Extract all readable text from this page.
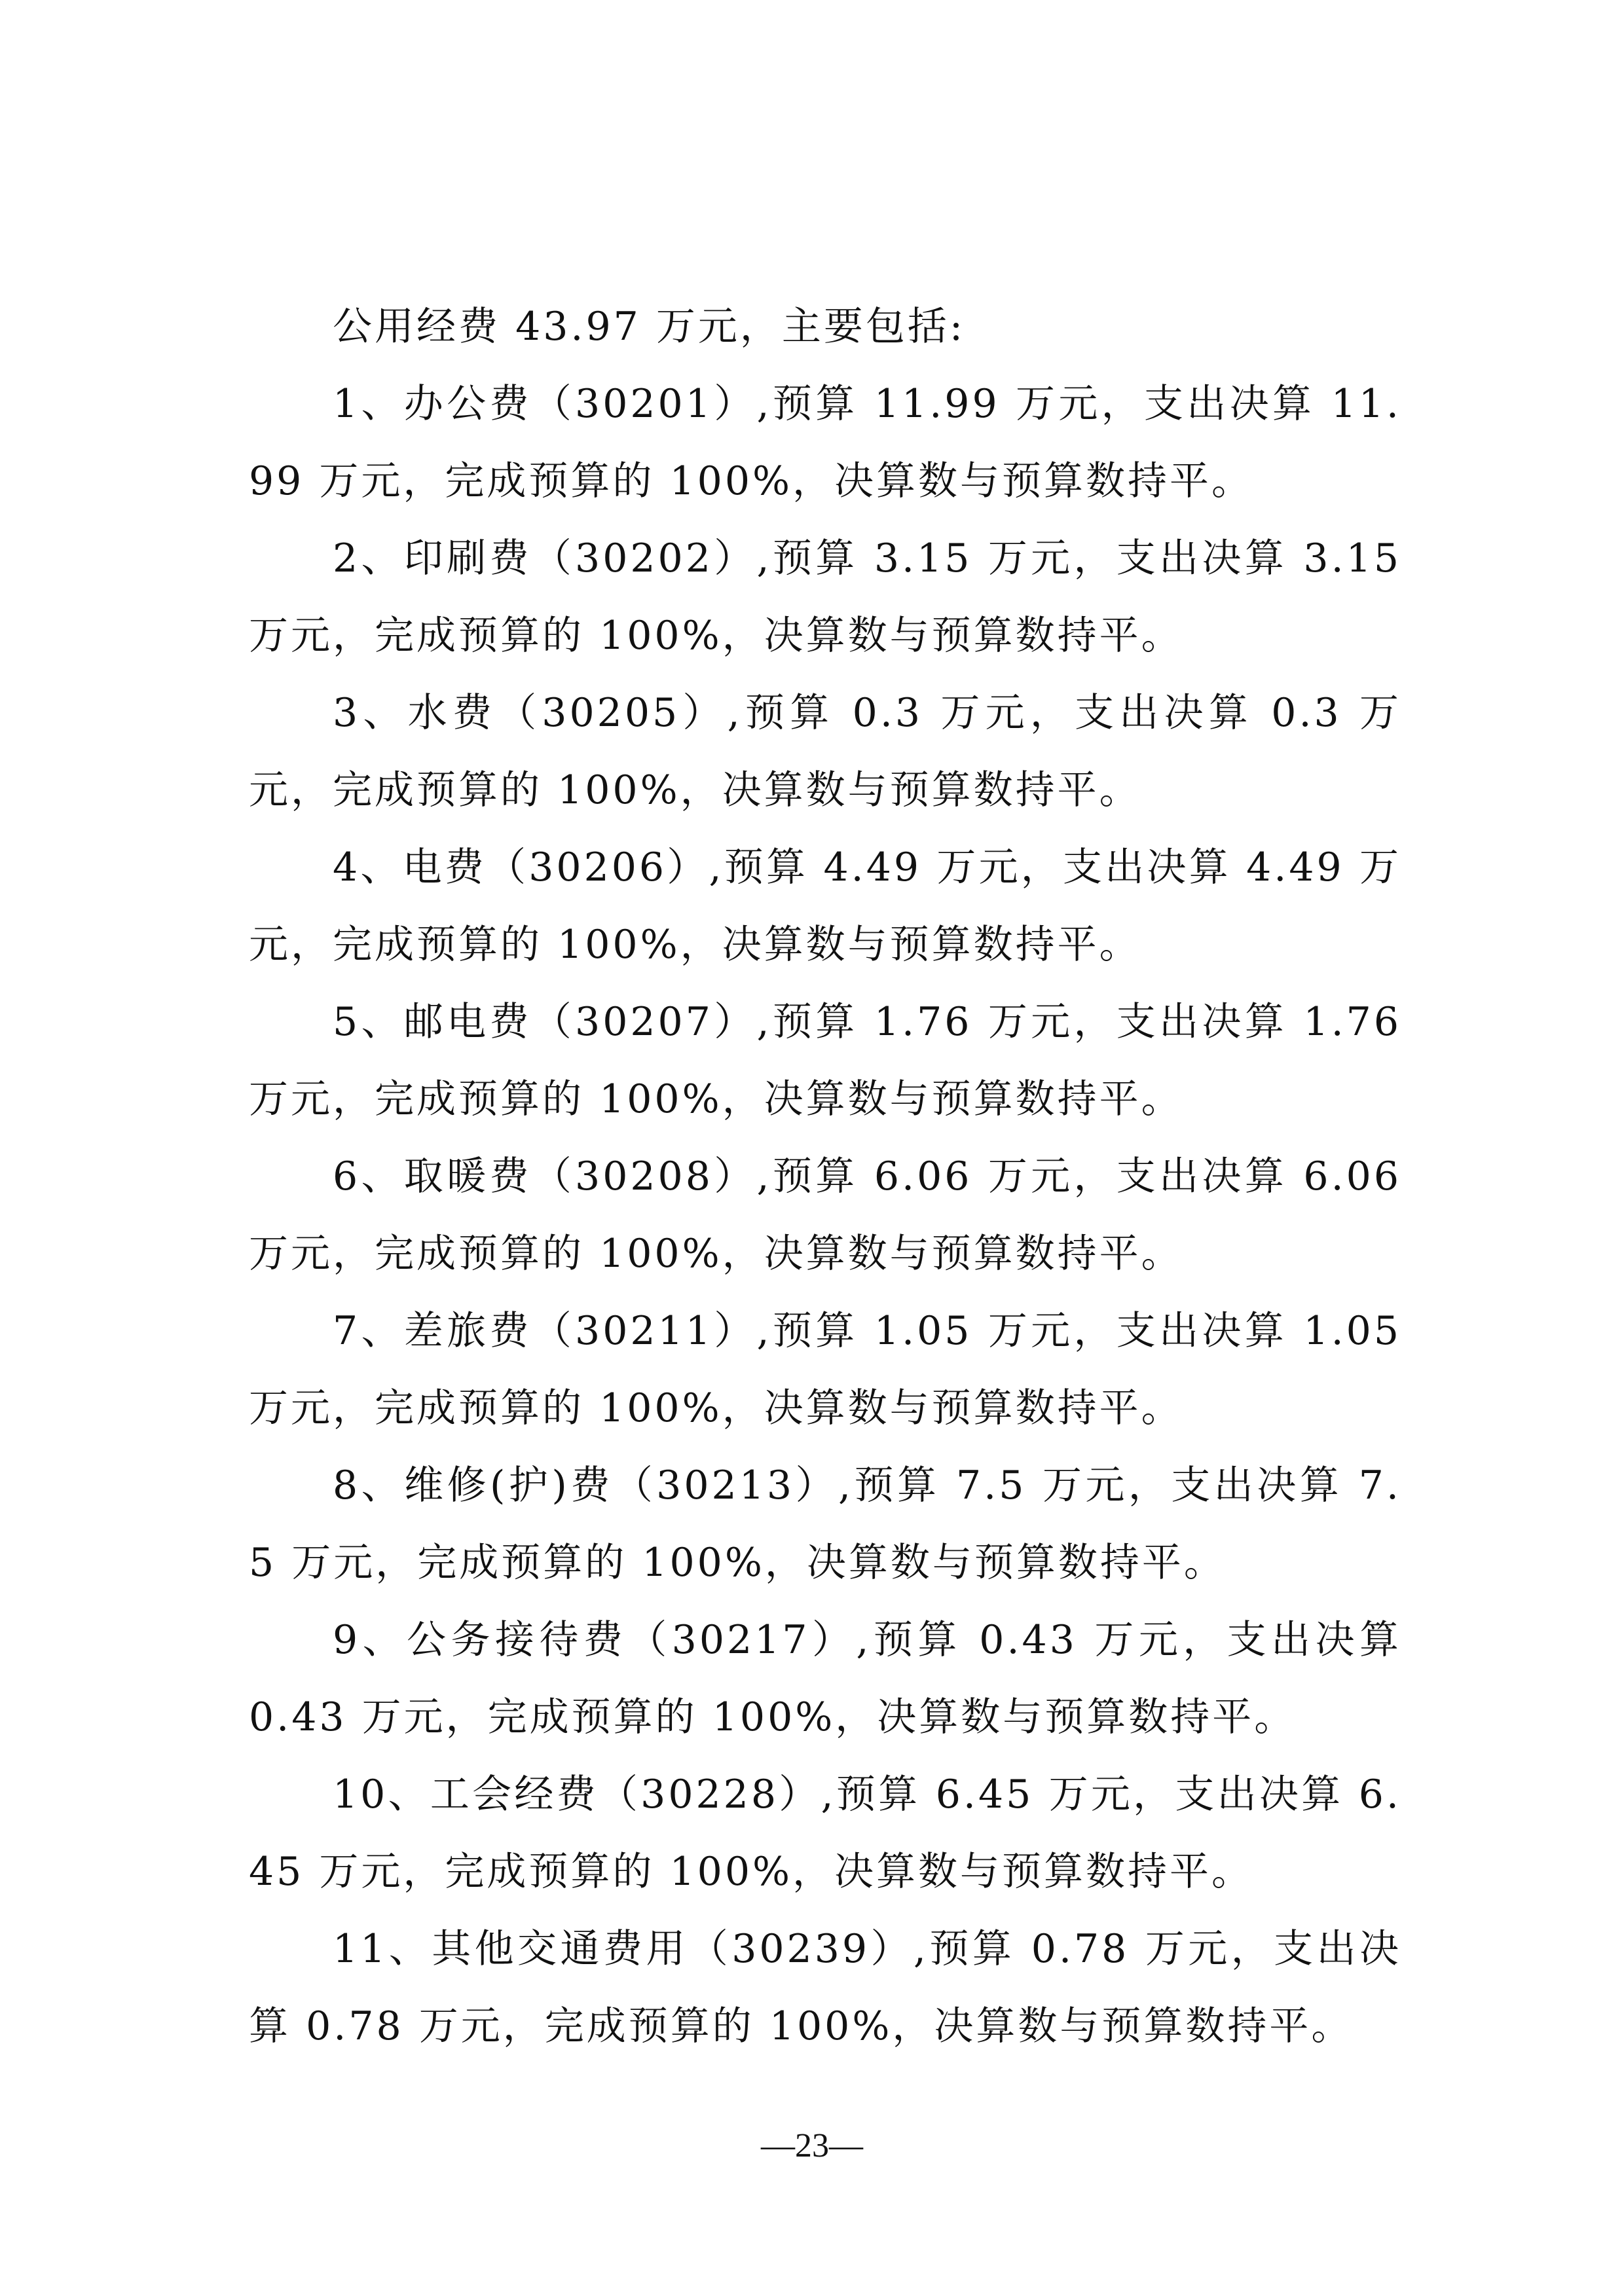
公用经费 43.97 万元，主要包括:

1、办公费（30201）,预算 11.99 万元，支出决算 11.99 万元，完成预算的 100%，决算数与预算数持平。

2、印刷费（30202）,预算 3.15 万元，支出决算 3.15 万元，完成预算的 100%，决算数与预算数持平。

3、水费（30205）,预算 0.3 万元，支出决算 0.3 万元，完成预算的 100%，决算数与预算数持平。

4、电费（30206）,预算 4.49 万元，支出决算 4.49 万元，完成预算的 100%，决算数与预算数持平。

5、邮电费（30207）,预算 1.76 万元，支出决算 1.76 万元，完成预算的 100%，决算数与预算数持平。

6、取暖费（30208）,预算 6.06 万元，支出决算 6.06 万元，完成预算的 100%，决算数与预算数持平。

7、差旅费（30211）,预算 1.05 万元，支出决算 1.05 万元，完成预算的 100%，决算数与预算数持平。

8、维修(护)费（30213）,预算 7.5 万元，支出决算 7.5 万元，完成预算的 100%，决算数与预算数持平。

9、公务接待费（30217）,预算 0.43 万元，支出决算 0.43 万元，完成预算的 100%，决算数与预算数持平。

10、工会经费（30228）,预算 6.45 万元，支出决算 6.45 万元，完成预算的 100%，决算数与预算数持平。

11、其他交通费用（30239）,预算 0.78 万元，支出决算 0.78 万元，完成预算的 100%，决算数与预算数持平。

—23—
